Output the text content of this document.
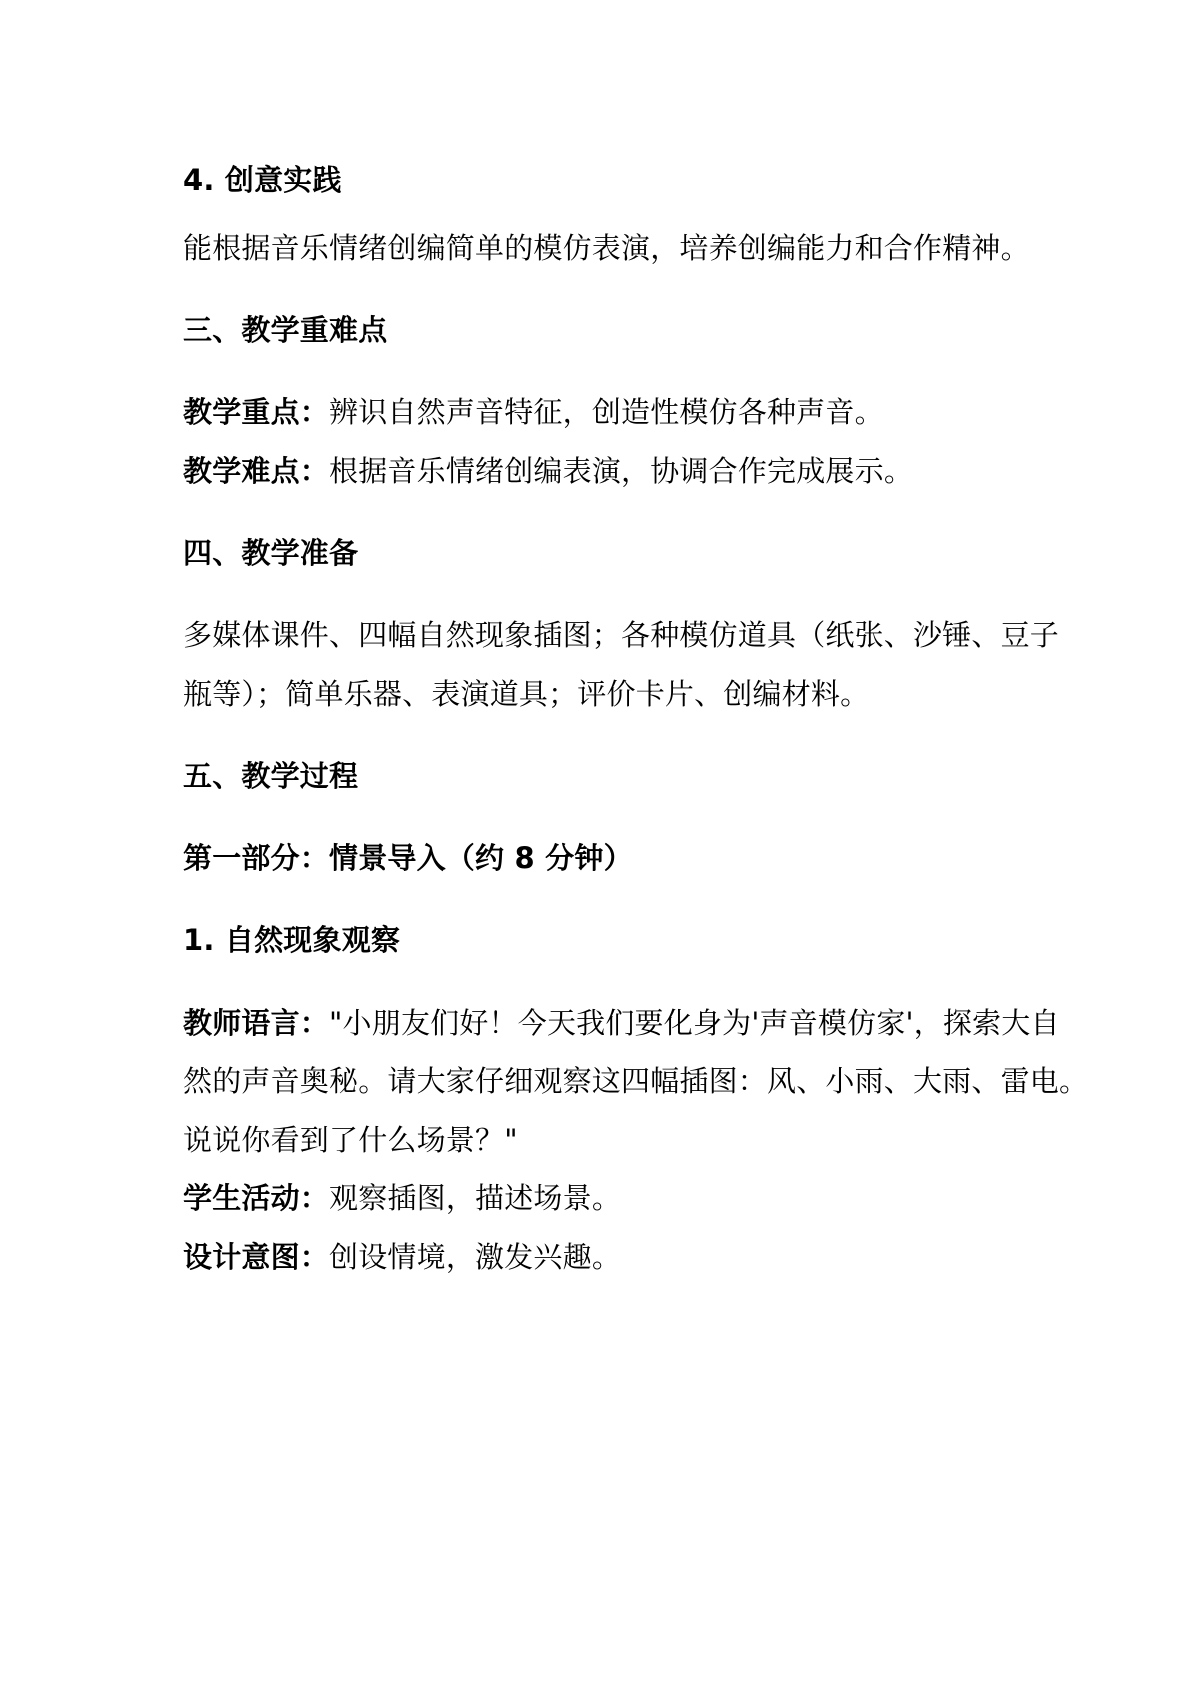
4. 创意实践
能根据音乐情绪创编简单的模仿表演，培养创编能力和合作精神。
三、教学重难点
教学重点：辨识自然声音特征，创造性模仿各种声音。
教学难点：根据音乐情绪创编表演，协调合作完成展示。
四、教学准备
多媒体课件、四幅自然现象插图；各种模仿道具（纸张、沙锤、豆子
瓶等）；简单乐器、表演道具；评价卡片、创编材料。
五、教学过程
第一部分：情景导入（约 8 分钟）
1. 自然现象观察
教师语言："小朋友们好！今天我们要化身为'声音模仿家'，探索大自
然的声音奥秘。请大家仔细观察这四幅插图：风、小雨、大雨、雷电。
说说你看到了什么场景？"
学生活动：观察插图，描述场景。
设计意图：创设情境，激发兴趣。
